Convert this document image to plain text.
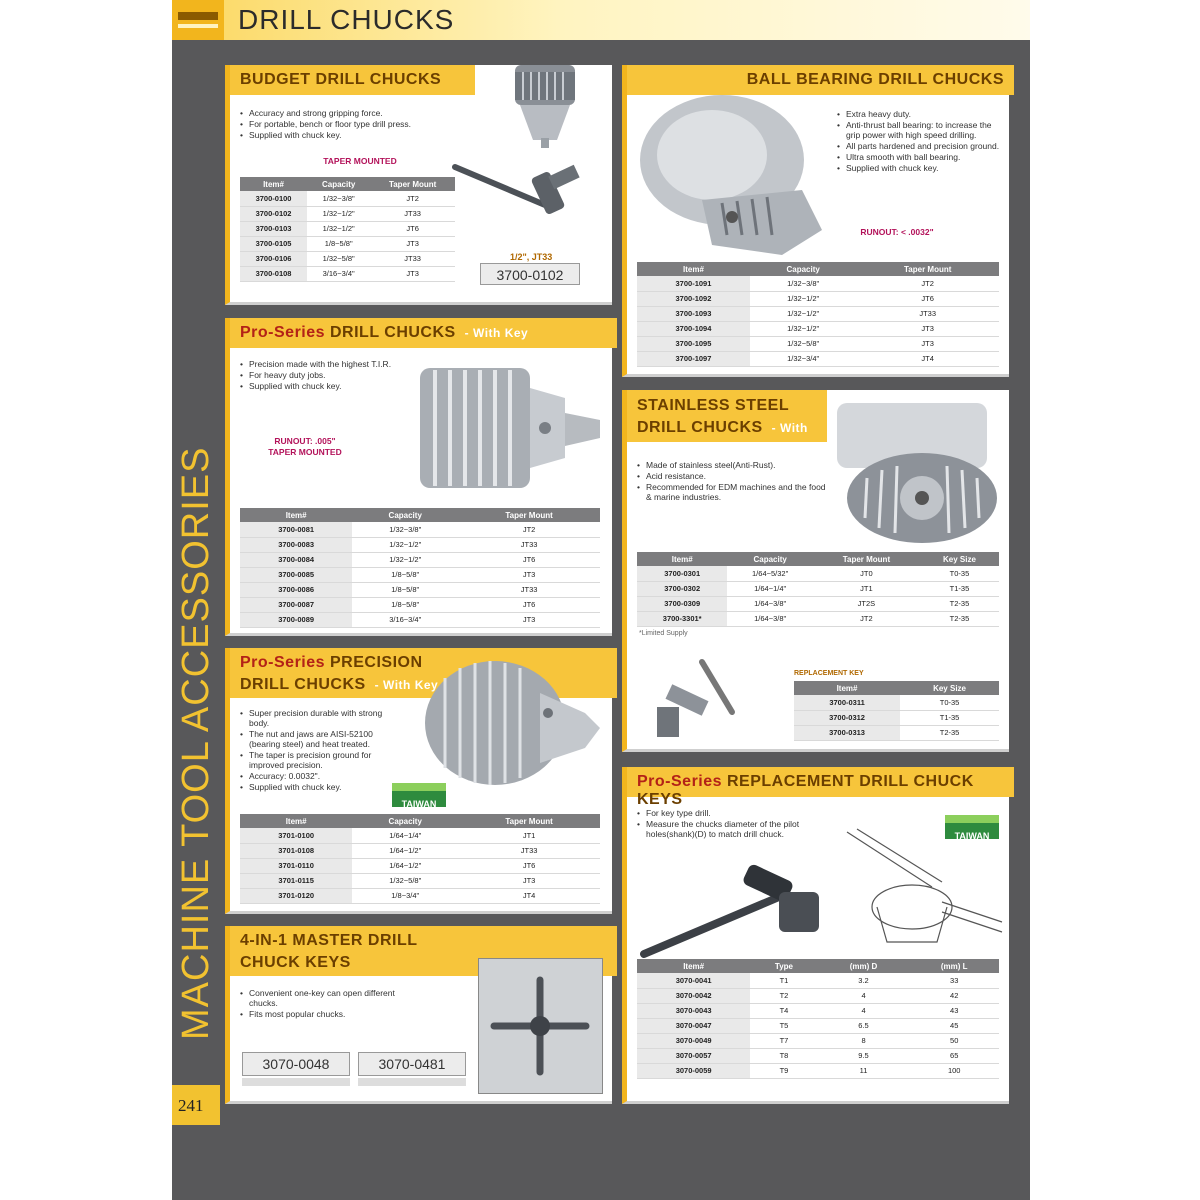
DRILL CHUCKS
MACHINE TOOL ACCESSORIES
241
BUDGET DRILL CHUCKS
• Accuracy and strong gripping force.
• For portable, bench or floor type drill press.
• Supplied with chuck key.
TAPER MOUNTED
Item#	Capacity	Taper Mount
3700-0100	1/32~3/8"	JT2
3700-0102	1/32~1/2"	JT33
3700-0103	1/32~1/2"	JT6
3700-0105	1/8~5/8"	JT3
3700-0106	1/32~5/8"	JT33
3700-0108	3/16~3/4"	JT3
1/2", JT33
3700-0102
Pro-Series DRILL CHUCKS - With Key
• Precision made with the highest T.I.R.
• For heavy duty jobs.
• Supplied with chuck key.
RUNOUT: .005"
TAPER MOUNTED
Item#	Capacity	Taper Mount
3700-0081	1/32~3/8"	JT2
3700-0083	1/32~1/2"	JT33
3700-0084	1/32~1/2"	JT6
3700-0085	1/8~5/8"	JT3
3700-0086	1/8~5/8"	JT33
3700-0087	1/8~5/8"	JT6
3700-0089	3/16~3/4"	JT3
Pro-Series PRECISION
DRILL CHUCKS - With Key
• Super precision durable with strong body.
• The nut and jaws are AISI-52100 (bearing steel) and heat treated.
• The taper is precision ground for improved precision.
• Accuracy: 0.0032".
• Supplied with chuck key.
TAIWAN
Item#	Capacity	Taper Mount
3701-0100	1/64~1/4"	JT1
3701-0108	1/64~1/2"	JT33
3701-0110	1/64~1/2"	JT6
3701-0115	1/32~5/8"	JT3
3701-0120	1/8~3/4"	JT4
4-IN-1 MASTER DRILL
CHUCK KEYS
• Convenient one-key can open different chucks.
• Fits most popular chucks.
3070-0048	3070-0481
BALL BEARING DRILL CHUCKS
• Extra heavy duty.
• Anti-thrust ball bearing: to increase the grip power with high speed drilling.
• All parts hardened and precision ground.
• Ultra smooth with ball bearing.
• Supplied with chuck key.
RUNOUT: < .0032"
Item#	Capacity	Taper Mount
3700-1091	1/32~3/8"	JT2
3700-1092	1/32~1/2"	JT6
3700-1093	1/32~1/2"	JT33
3700-1094	1/32~1/2"	JT3
3700-1095	1/32~5/8"	JT3
3700-1097	1/32~3/4"	JT4
STAINLESS STEEL
DRILL CHUCKS - With Key
• Made of stainless steel(Anti-Rust).
• Acid resistance.
• Recommended for EDM machines and the food & marine industries.
Item#	Capacity	Taper Mount	Key Size
3700-0301	1/64~5/32"	JT0	T0-35
3700-0302	1/64~1/4"	JT1	T1-35
3700-0309	1/64~3/8"	JT2S	T2-35
3700-3301*	1/64~3/8"	JT2	T2-35
*Limited Supply
REPLACEMENT KEY
Item#	Key Size
3700-0311	T0-35
3700-0312	T1-35
3700-0313	T2-35
Pro-Series REPLACEMENT DRILL CHUCK KEYS
• For key type drill.
• Measure the chucks diameter of the pilot holes(shank)(D) to match drill chuck.	TAIWAN
Item#	Type	(mm) D	(mm) L
3070-0041	T1	3.2	33
3070-0042	T2	4	42
3070-0043	T4	4	43
3070-0047	T5	6.5	45
3070-0049	T7	8	50
3070-0057	T8	9.5	65
3070-0059	T9	11	100
